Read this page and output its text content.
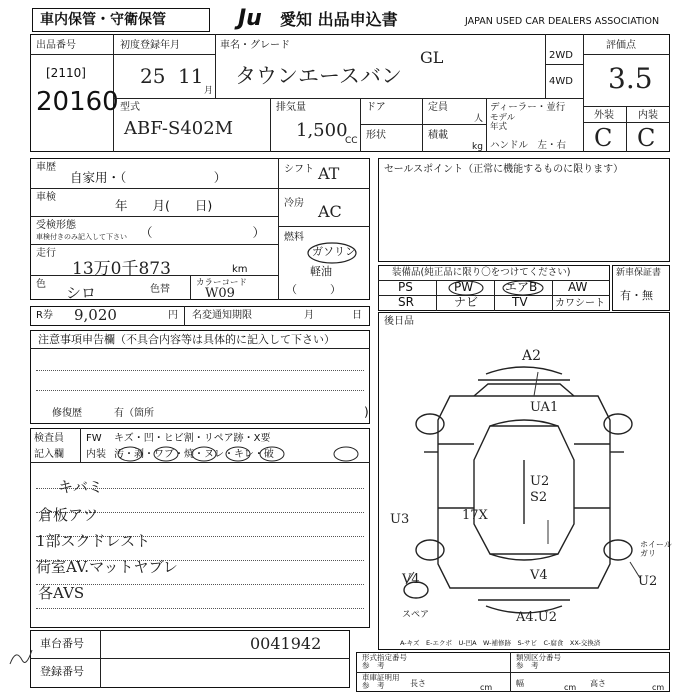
車内保管・守衛保管	Ju 愛知 出品申込書	JAPAN USED CAR DEALERS ASSOCIATION
出品番号
[2110]
20160
初度登録年月
25 11
月
車名・グレード
タウンエースバン
GL	2WD
4WD
評価点
3.5
外装 内装
C C
型式
ABF-S402M
排気量
1,500
CC
ドア
形状
定員
人
積載
kg
ディーラー・並行
モデル
年式
ハンドル　左・右
車歴
自家用・（　　　　　　　）
車検
年　　月(　　日)
受検形態
車検付きのみ記入して下さい （　　　　　　　　）
走行
13万0千873	km
色 シロ	色替
カラーコード
W09
シフト AT
冷房 AC
燃料
ガソリン
軽油
（　　　）
セールスポイント（正常に機能するものに限ります）
装備品(純正品に限り〇をつけてください)
PS	PW	エアB	AW
SR	ナビ	TV	カワシート
新車保証書
有・無
R券 9,020	円 名変通知期限	月	日
注意事項申告欄（不具合内容等は具体的に記入して下さい）
修復歴	有（箇所	)
検査員
記入欄
FW キズ・凹・ヒビ割・リペア跡・X要
内装 汚・剥・ワブ・焼・ヌレ・キレ・破
キバミ
倉板アツ
1部スクドレスト
荷室AV.マットヤブレ
各AVS
後日品
A2
UA1
U2
S2
U3	17X
V4	V4	U2
A4.U2
ホイール
ガリ
スペア
A-キズ　E-エクボ　U-凹A　W-補修跡　S-サビ　C-腐食　XX-交換済
車台番号	0041942
登録番号
形式指定番号
参　考
類別区分番号
参　考
車庫証明用
参　考	長さ	cm	幅	cm 高さ	cm
